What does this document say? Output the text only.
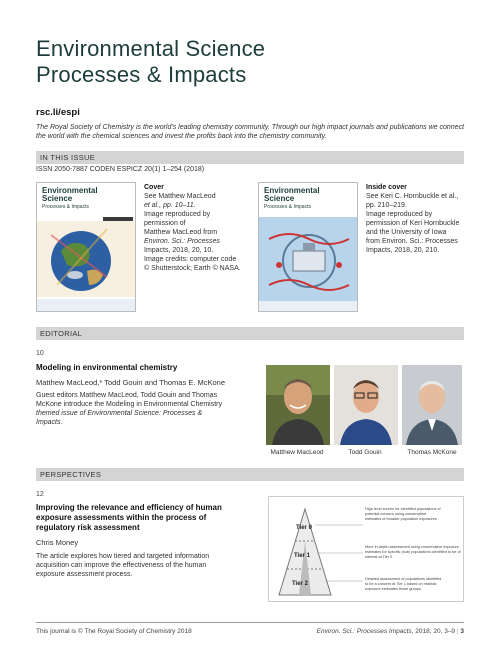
Environmental Science
Processes & Impacts
rsc.li/espi
The Royal Society of Chemistry is the world's leading chemistry community. Through our high impact journals and publications we connect the world with the chemical sciences and invest the profits back into the chemistry community.
IN THIS ISSUE
ISSN 2050-7887 CODEN ESPICZ 20(1) 1–254 (2018)
Environmental
Science
Processes & Impacts
Cover
See Matthew MacLeod
et al., pp. 10–11.
Image reproduced by
permission of
Matthew MacLeod from
Environ. Sci.: Processes
Impacts, 2018, 20, 10.
Image credits: computer code
© Shutterstock; Earth © NASA.
Environmental
Science
Processes & Impacts
Inside cover
See Keri C. Hornbuckle et al.,
pp. 210–219.
Image reproduced by
permission of Keri Hornbuckle
and the University of Iowa
from Environ. Sci.: Processes
Impacts, 2018, 20, 210.
EDITORIAL
10
Modeling in environmental chemistry
Matthew MacLeod,* Todd Gouin and Thomas E. McKone
Guest editors Matthew MacLeod, Todd Gouin and Thomas
McKone introduce the Modeling in Environmental Chemistry
themed issue of Environmental Science: Processes &
Impacts.
Matthew MacLeod	Todd Gouin	Thomas McKone
PERSPECTIVES
12
Improving the relevance and efficiency of human
exposure assessments within the process of
regulatory risk assessment
Chris Money
The article explores how tiered and targeted information
acquisition can improve the effectiveness of the human
exposure assessment process.
Tier 0
Tier 1
Tier 2
High level screen for identified populations of
potential concern using conservative
estimates of broader population exposures
More in-depth assessment using conservative exposure
estimates for specific (sub) populations identified to be of
interest at Tier 0
Detailed assessment of populations identified
to be a concern at Tier 1 based on realistic
exposure estimates those groups
This journal is © The Royal Society of Chemistry 2018	Environ. Sci.: Processes Impacts, 2018, 20, 3–9 | 3
